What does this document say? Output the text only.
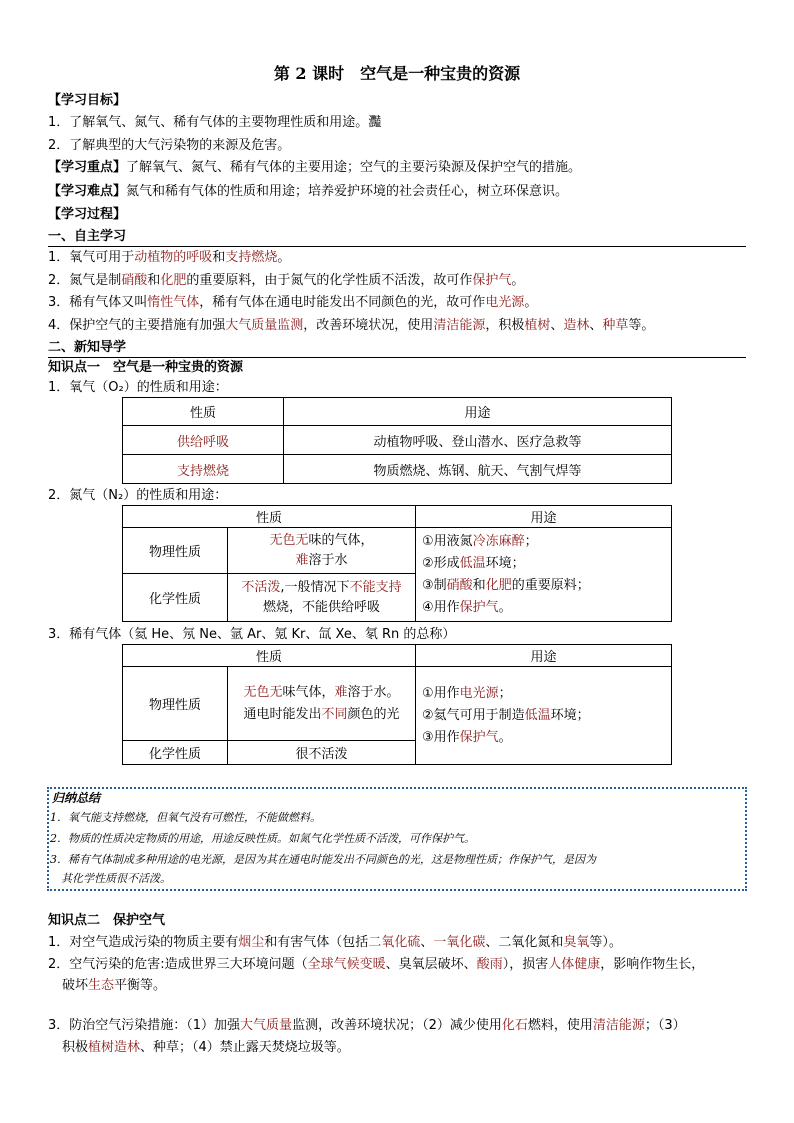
第 2 课时　空气是一种宝贵的资源
【学习目标】
1．了解氧气、氮气、稀有气体的主要物理性质和用途。灩
2．了解典型的大气污染物的来源及危害。
【学习重点】了解氧气、氮气、稀有气体的主要用途；空气的主要污染源及保护空气的措施。
【学习难点】氮气和稀有气体的性质和用途；培养爱护环境的社会责任心，树立环保意识。
【学习过程】
一、自主学习
1．氧气可用于动植物的呼吸和支持燃烧。
2．氮气是制硝酸和化肥的重要原料，由于氮气的化学性质不活泼，故可作保护气。
3．稀有气体又叫惰性气体，稀有气体在通电时能发出不同颜色的光，故可作电光源。
4．保护空气的主要措施有加强大气质量监测，改善环境状况，使用清洁能源，积极植树、造林、种草等。
二、新知导学
知识点一　空气是一种宝贵的资源
1．氧气（O₂）的性质和用途：
性质	用途
供给呼吸	动植物呼吸、登山潜水、医疗急救等
支持燃烧	物质燃烧、炼钢、航天、气割气焊等
2．氮气（N₂）的性质和用途：
性质		用途
物理性质	无色无味的气体，
难溶于水	①用液氮冷冻麻醉；
②形成低温环境；
③制硝酸和化肥的重要原料；
④用作保护气。
化学性质	不活泼,一般情况下不能支持
燃烧，不能供给呼吸	
3．稀有气体（氦 He、氖 Ne、氩 Ar、氪 Kr、氙 Xe、氡 Rn 的总称）
性质		用途
物理性质	无色无味气体，难溶于水。
通电时能发出不同颜色的光	①用作电光源；
②氦气可用于制造低温环境；
③用作保护气。
化学性质	很不活泼	
归纳总结
1．氧气能支持燃烧，但氧气没有可燃性，不能做燃料。
2．物质的性质决定物质的用途，用途反映性质。如氮气化学性质不活泼，可作保护气。
3．稀有气体制成多种用途的电光源，是因为其在通电时能发出不同颜色的光，这是物理性质；作保护气，是因为
其化学性质很不活泼。
知识点二　保护空气
1．对空气造成污染的物质主要有烟尘和有害气体（包括二氧化硫、一氧化碳、二氧化氮和臭氧等）。
2．空气污染的危害:造成世界三大环境问题（全球气候变暖、臭氧层破坏、酸雨），损害人体健康，影响作物生长，
破坏生态平衡等。
3．防治空气污染措施：（1）加强大气质量监测，改善环境状况；（2）减少使用化石燃料，使用清洁能源；（3）
积极植树造林、种草；（4）禁止露天焚烧垃圾等。
